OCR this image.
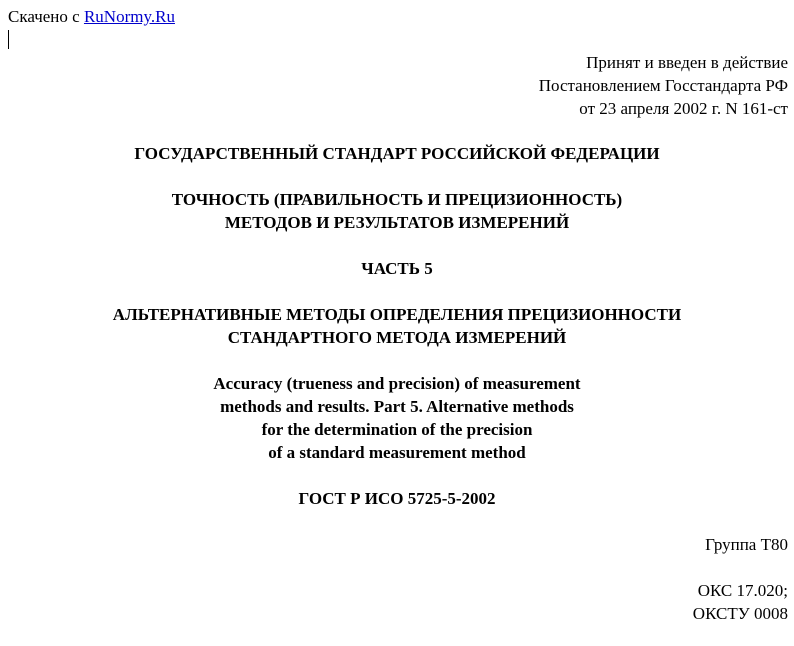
Скачено с RuNormy.Ru
Принят и введен в действие
Постановлением Госстандарта РФ
от 23 апреля 2002 г. N 161-ст
ГОСУДАРСТВЕННЫЙ СТАНДАРТ РОССИЙСКОЙ ФЕДЕРАЦИИ
ТОЧНОСТЬ (ПРАВИЛЬНОСТЬ И ПРЕЦИЗИОННОСТЬ)
МЕТОДОВ И РЕЗУЛЬТАТОВ ИЗМЕРЕНИЙ
ЧАСТЬ 5
АЛЬТЕРНАТИВНЫЕ МЕТОДЫ ОПРЕДЕЛЕНИЯ ПРЕЦИЗИОННОСТИ
СТАНДАРТНОГО МЕТОДА ИЗМЕРЕНИЙ
Accuracy (trueness and precision) of measurement
methods and results. Part 5. Alternative methods
for the determination of the precision
of a standard measurement method
ГОСТ Р ИСО 5725-5-2002
Группа Т80
ОКС 17.020;
ОКСТУ 0008
